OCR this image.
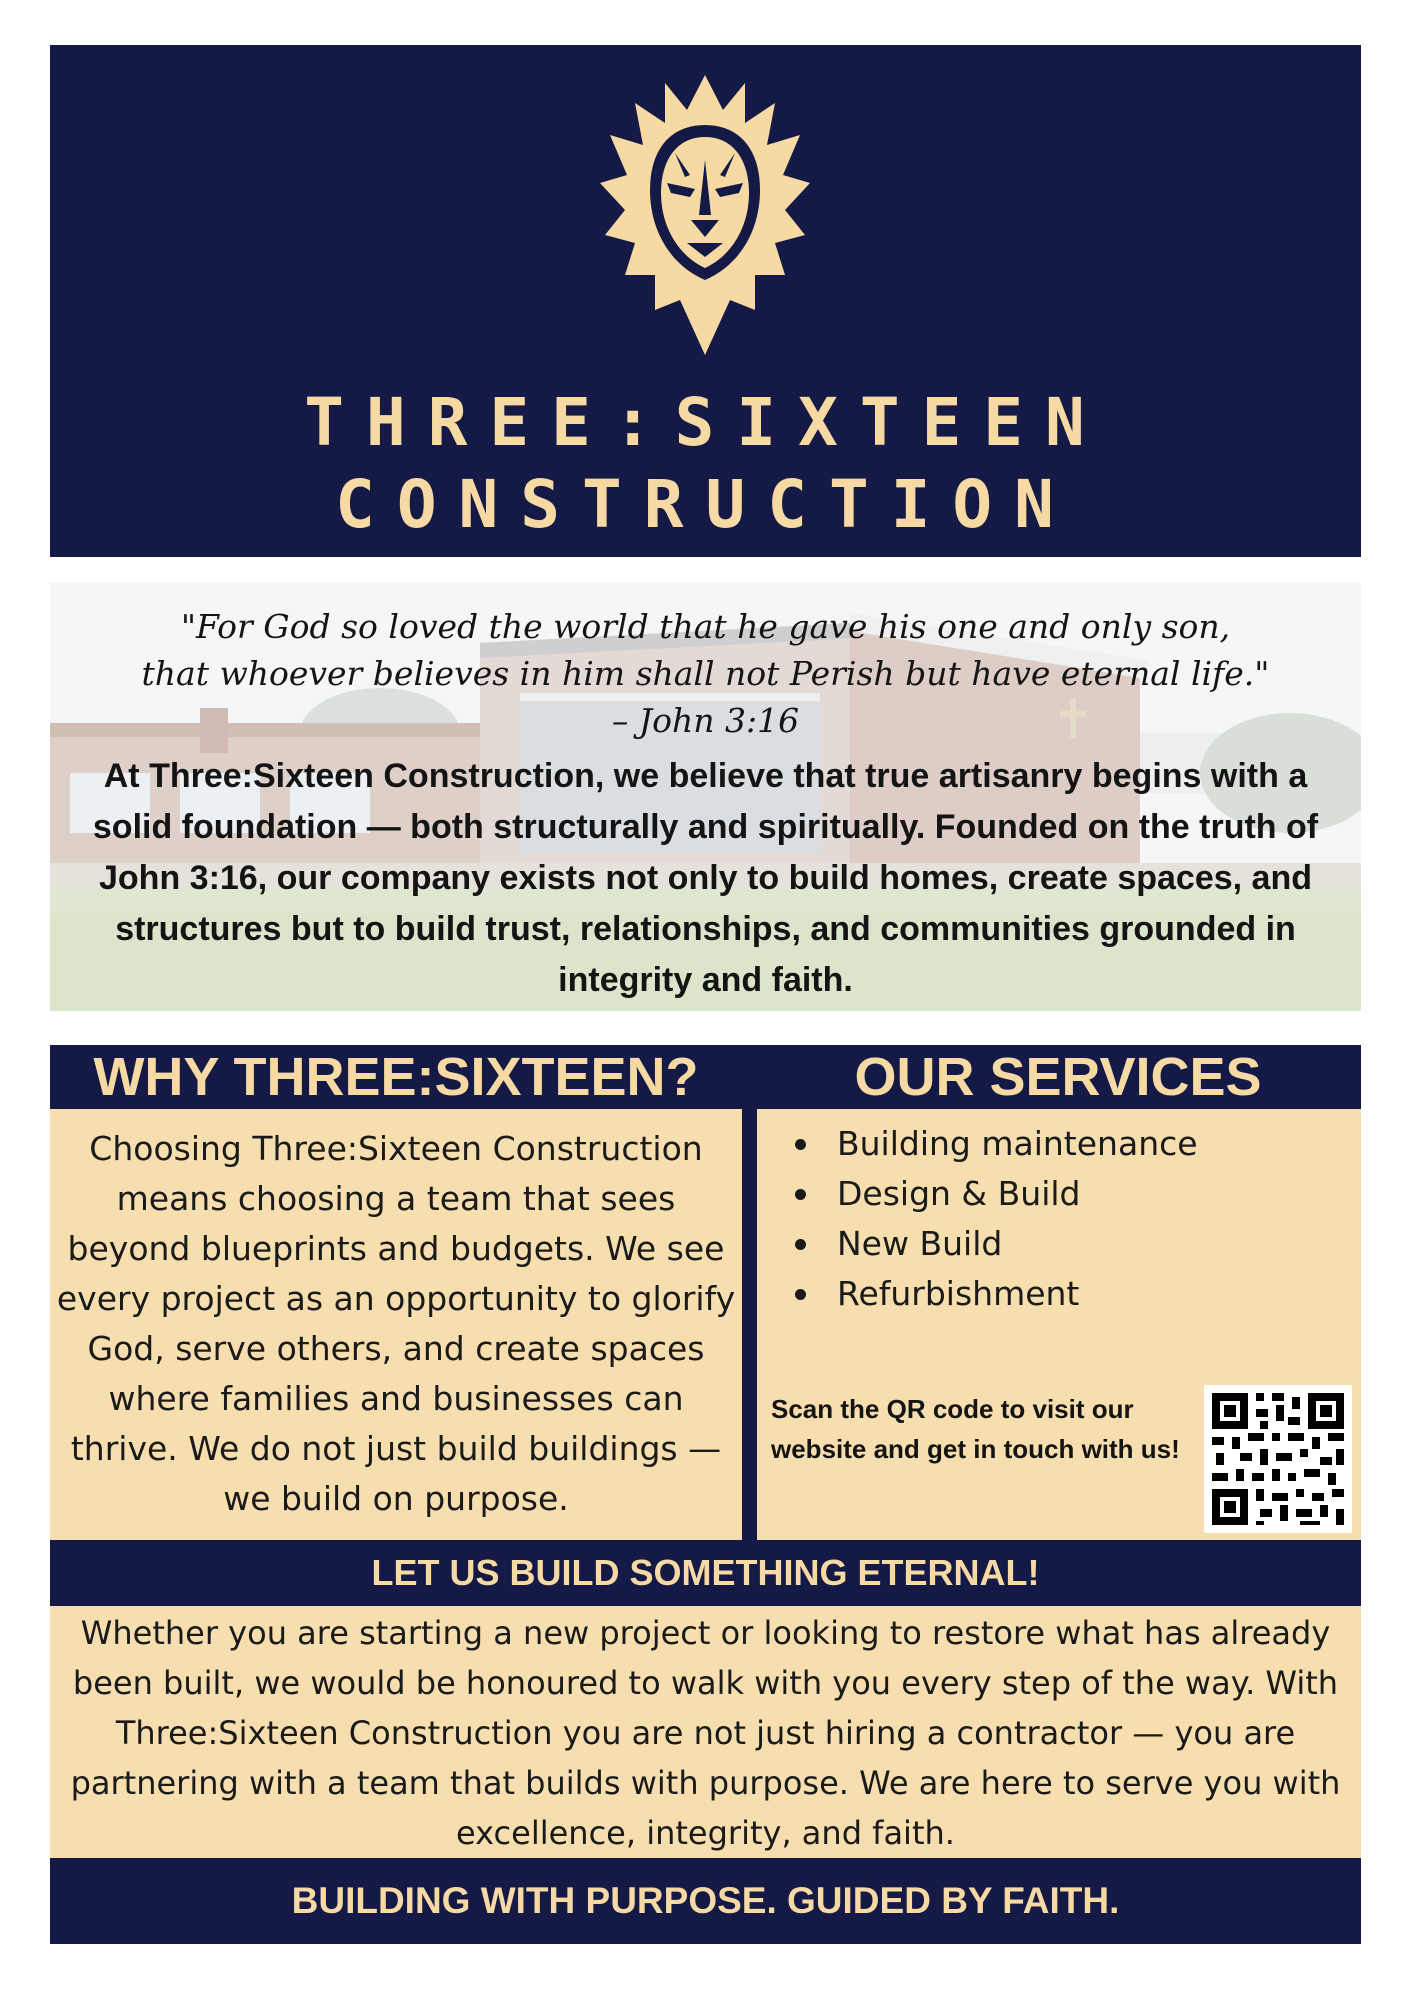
THREE:SIXTEEN
CONSTRUCTION
"For God so loved the world that he gave his one and only son,
that whoever believes in him shall not Perish but have eternal life."
– John 3:16
At Three:Sixteen Construction, we believe that true artisanry begins with a solid foundation — both structurally and spiritually. Founded on the truth of John 3:16, our company exists not only to build homes, create spaces, and structures but to build trust, relationships, and communities grounded in integrity and faith.
WHY THREE:SIXTEEN?	OUR SERVICES
Choosing Three:Sixteen Construction means choosing a team that sees beyond blueprints and budgets. We see every project as an opportunity to glorify God, serve others, and create spaces where families and businesses can thrive. We do not just build buildings — we build on purpose.
Building maintenance
Design & Build
New Build
Refurbishment
Scan the QR code to visit our website and get in touch with us!
LET US BUILD SOMETHING ETERNAL!
Whether you are starting a new project or looking to restore what has already been built, we would be honoured to walk with you every step of the way. With Three:Sixteen Construction you are not just hiring a contractor — you are partnering with a team that builds with purpose. We are here to serve you with excellence, integrity, and faith.
BUILDING WITH PURPOSE. GUIDED BY FAITH.
